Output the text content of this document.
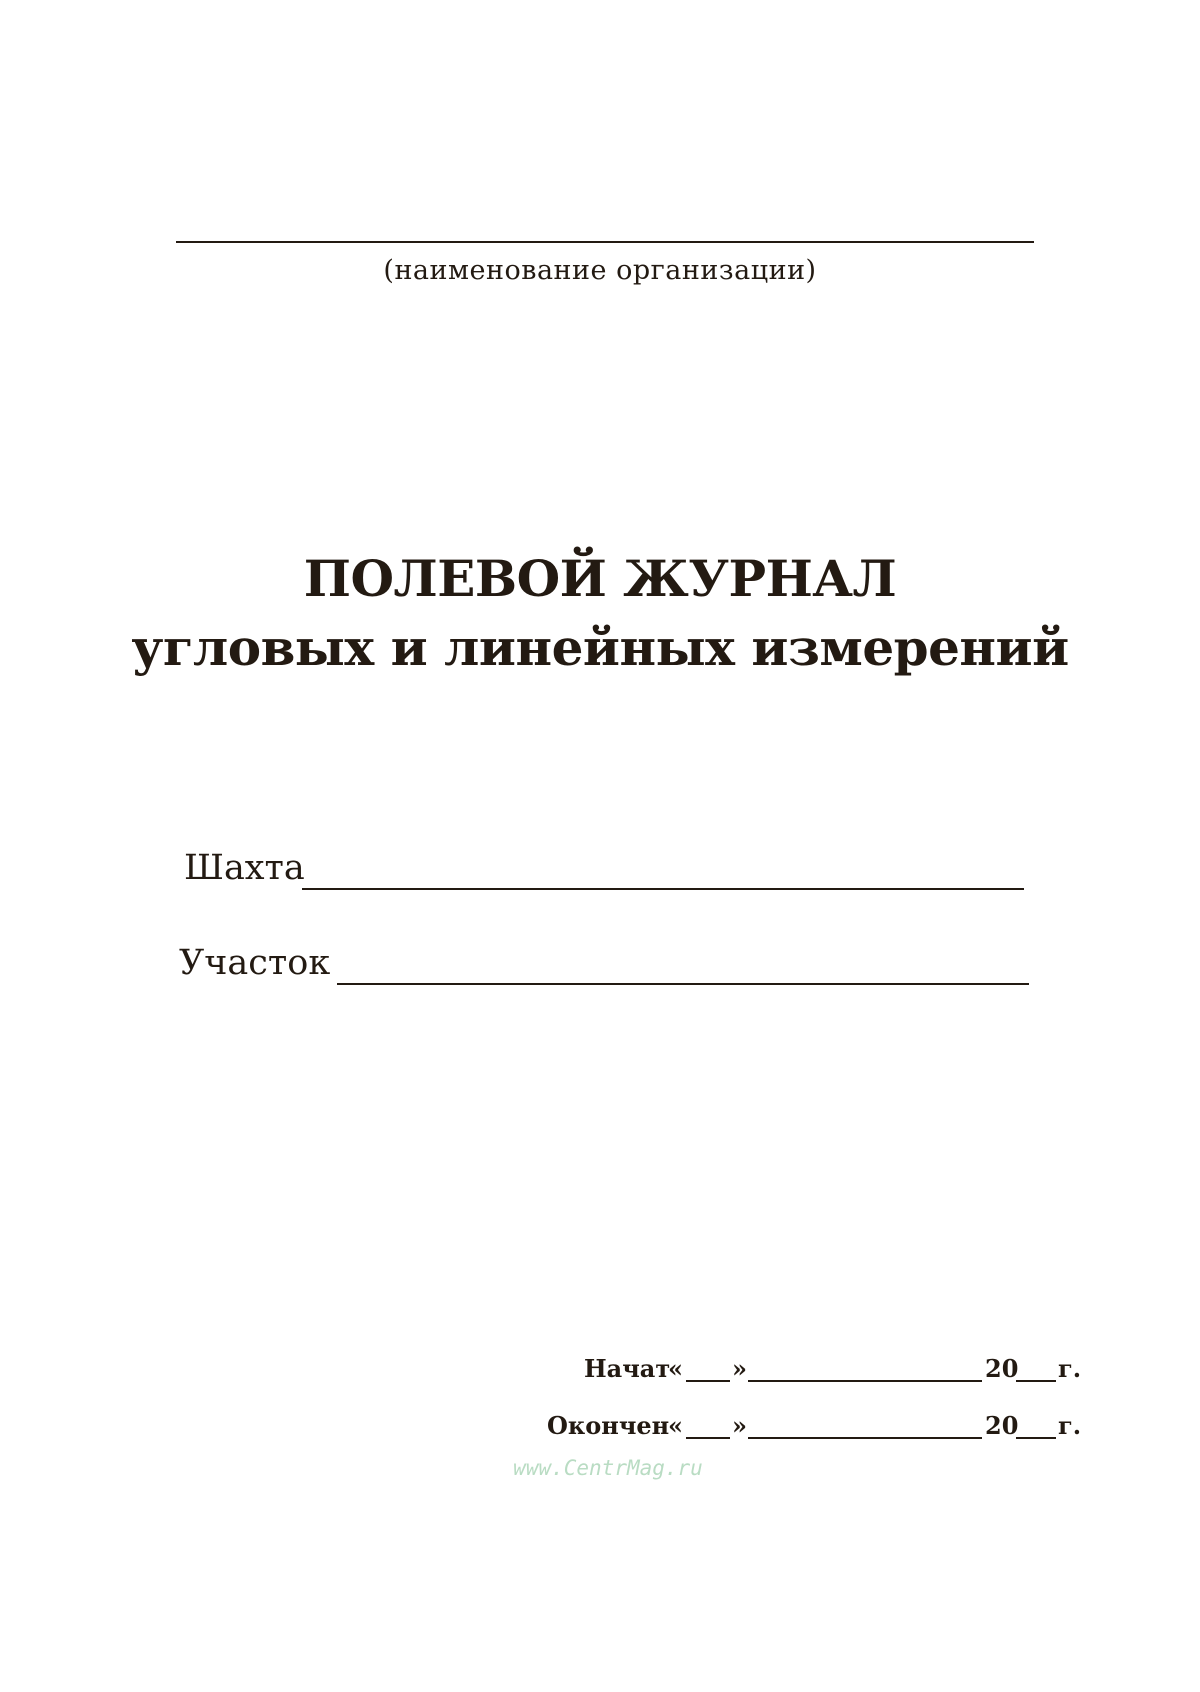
(наименование организации)
ПОЛЕВОЙ ЖУРНАЛ
угловых и линейных измерений
Шахта
Участок
Начат
« »	20 г.
Окончен
« »	20 г.
www.CentrMag.ru
